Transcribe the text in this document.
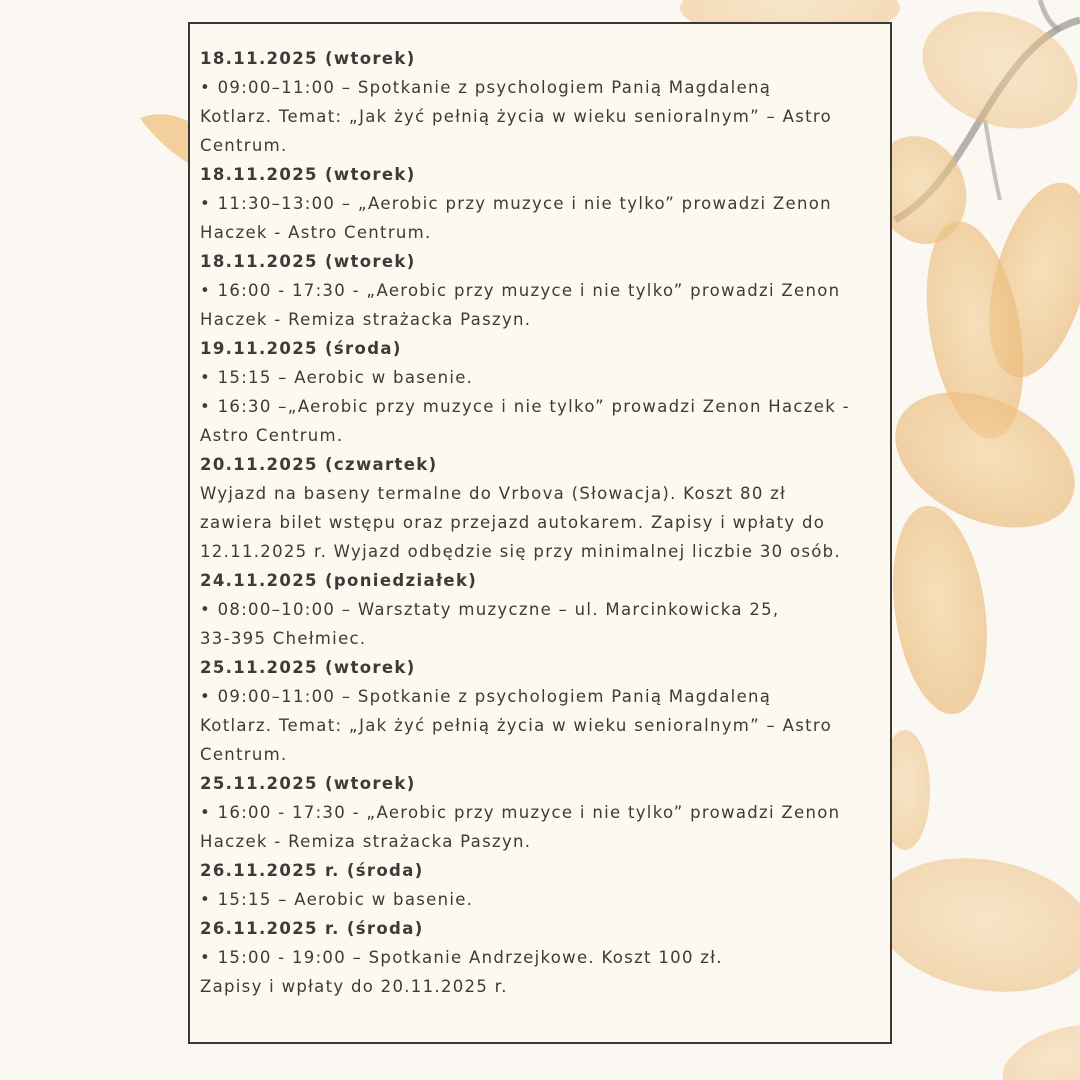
18.11.2025 (wtorek)
• 09:00–11:00 – Spotkanie z psychologiem Panią Magdaleną
Kotlarz. Temat: „Jak żyć pełnią życia w wieku senioralnym” – Astro
Centrum.
18.11.2025 (wtorek)
• 11:30–13:00 – „Aerobic przy muzyce i nie tylko” prowadzi Zenon
Haczek - Astro Centrum.
18.11.2025 (wtorek)
• 16:00 - 17:30 - „Aerobic przy muzyce i nie tylko” prowadzi Zenon
Haczek - Remiza strażacka Paszyn.
19.11.2025 (środa)
• 15:15 – Aerobic w basenie.
• 16:30 –„Aerobic przy muzyce i nie tylko” prowadzi Zenon Haczek -
Astro Centrum.
20.11.2025 (czwartek)
Wyjazd na baseny termalne do Vrbova (Słowacja). Koszt 80 zł
zawiera bilet wstępu oraz przejazd autokarem. Zapisy i wpłaty do
12.11.2025 r. Wyjazd odbędzie się przy minimalnej liczbie 30 osób.
24.11.2025 (poniedziałek)
• 08:00–10:00 – Warsztaty muzyczne – ul. Marcinkowicka 25,
33-395 Chełmiec.
25.11.2025 (wtorek)
• 09:00–11:00 – Spotkanie z psychologiem Panią Magdaleną
Kotlarz. Temat: „Jak żyć pełnią życia w wieku senioralnym” – Astro
Centrum.
25.11.2025 (wtorek)
• 16:00 - 17:30 - „Aerobic przy muzyce i nie tylko” prowadzi Zenon
Haczek - Remiza strażacka Paszyn.
26.11.2025 r. (środa)
• 15:15 – Aerobic w basenie.
26.11.2025 r. (środa)
• 15:00 - 19:00 – Spotkanie Andrzejkowe. Koszt 100 zł.
Zapisy i wpłaty do 20.11.2025 r.
